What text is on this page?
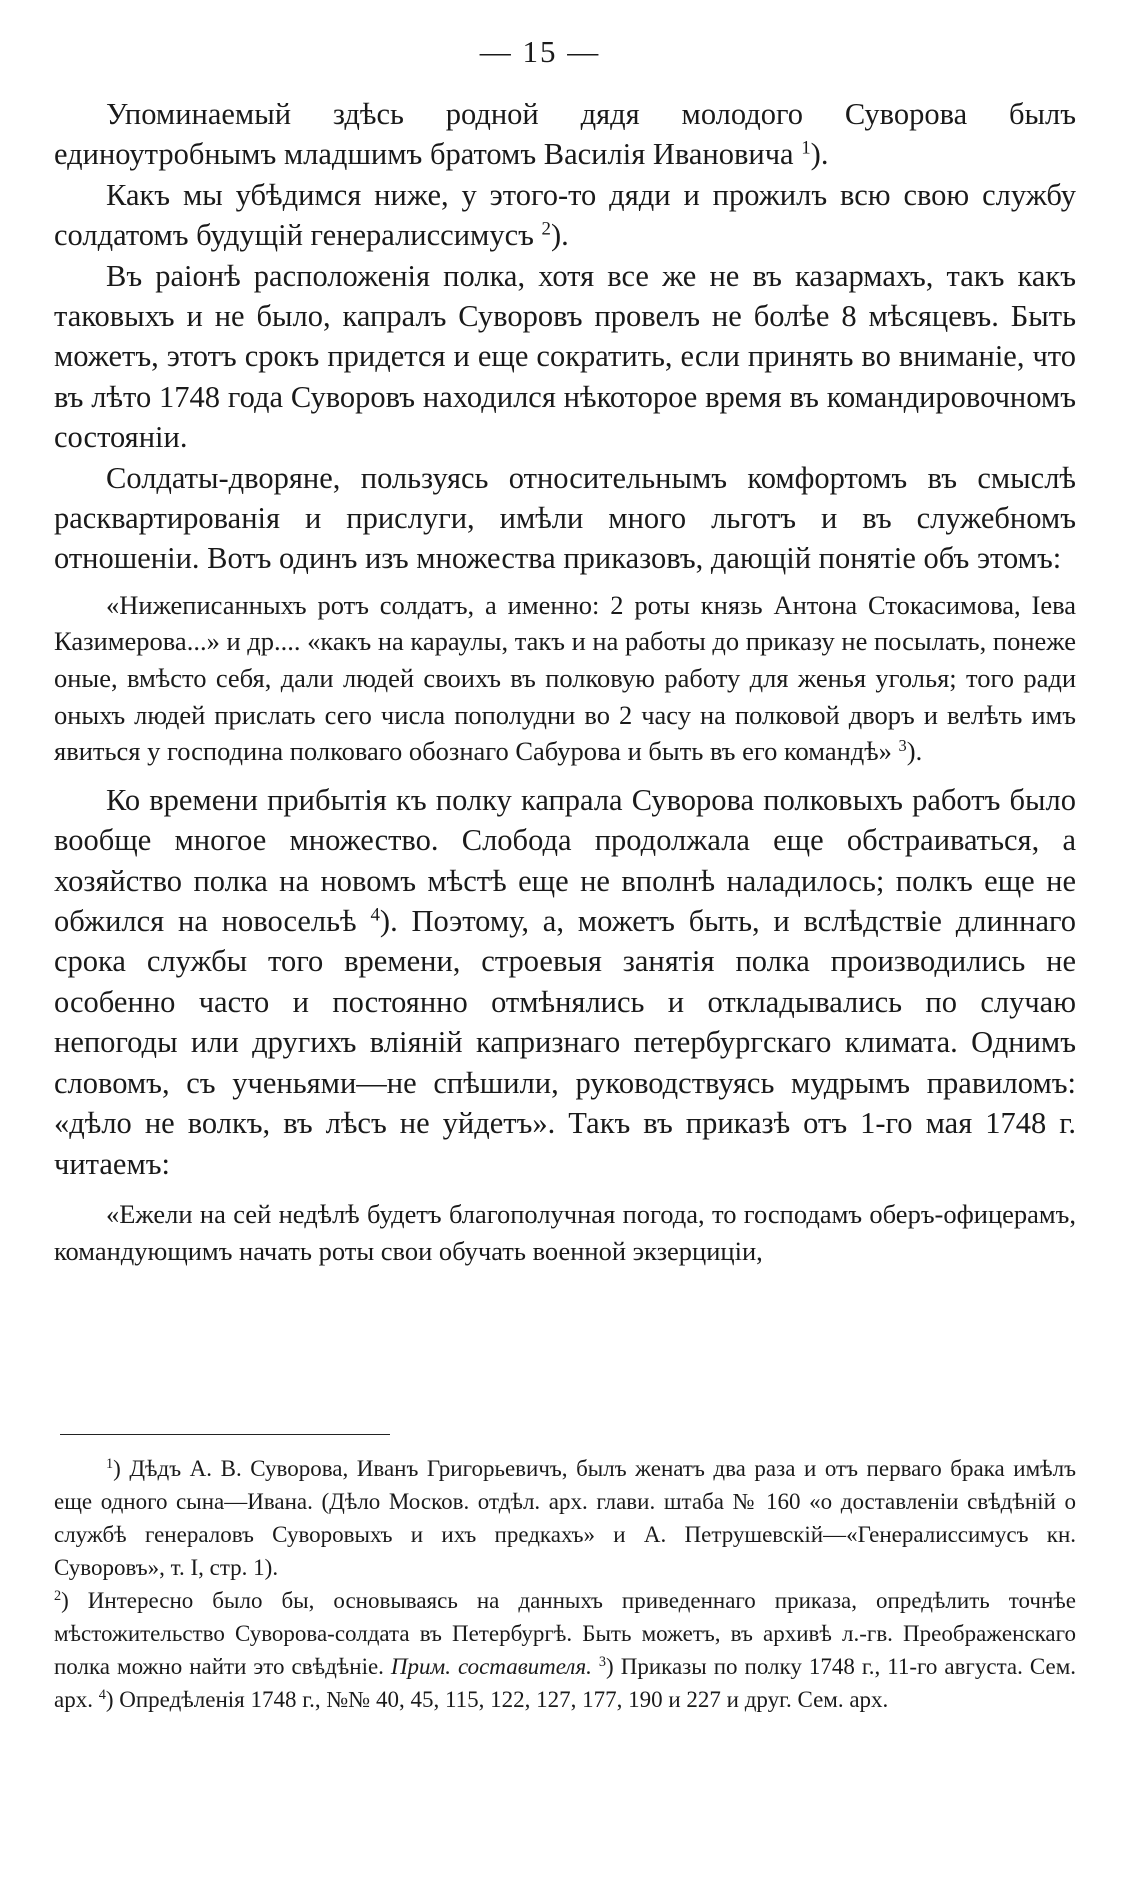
— 15 —

Упоминаемый здѣсь родной дядя молодого Суворова былъ единоутробнымъ младшимъ братомъ Василія Ивановича $^1$).

Какъ мы убѣдимся ниже, у этого-то дяди и прожилъ всю свою службу солдатомъ будущій генералиссимусъ $^2$).

Въ раіонѣ расположенія полка, хотя все же не въ казармахъ, такъ какъ таковыхъ и не было, капралъ Суворовъ провелъ не болѣе 8 мѣсяцевъ. Быть можетъ, этотъ срокъ придется и еще сократить, если принять во вниманіе, что въ лѣто 1748 года Суворовъ находился нѣкоторое время въ командировочномъ состояніи.

Солдаты-дворяне, пользуясь относительнымъ комфортомъ въ смыслѣ расквартированія и прислуги, имѣли много льготъ и въ служебномъ отношеніи. Вотъ одинъ изъ множества приказовъ, дающій понятіе объ этомъ:

«Нижеписанныхъ ротъ солдатъ, а именно: 2 роты князь Антона Стокасимова, Іева Казимерова...» и др.... «какъ на караулы, такъ и на работы до приказу не посылать, понеже оные, вмѣсто себя, дали людей своихъ въ полковую работу для женья уголья; того ради оныхъ людей прислать сего числа пополудни во 2 часу на полковой дворъ и велѣть имъ явиться у господина полковаго обознаго Сабурова и быть въ его командѣ» $^3$).

Ко времени прибытія къ полку капрала Суворова полковыхъ работъ было вообще многое множество. Слобода продолжала еще обстраиваться, а хозяйство полка на новомъ мѣстѣ еще не вполнѣ наладилось; полкъ еще не обжился на новосельѣ $^4$). Поэтому, а, можетъ быть, и вслѣдствіе длиннаго срока службы того времени, строевыя занятія полка производились не особенно часто и постоянно отмѣнялись и откладывались по случаю непогоды или другихъ вліяній капризнаго петербургскаго климата. Однимъ словомъ, съ ученьями—не спѣшили, руководствуясь мудрымъ правиломъ: «дѣло не волкъ, въ лѣсъ не уйдетъ». Такъ въ приказѣ отъ 1-го мая 1748 г. читаемъ:

«Ежели на сей недѣлѣ будетъ благополучная погода, то господамъ оберъ-офицерамъ, командующимъ начать роты свои обучать военной экзерциціи,

$^1$) Дѣдъ А. В. Суворова, Иванъ Григорьевичъ, былъ женатъ два раза и отъ перваго брака имѣлъ еще одного сына—Ивана. (Дѣло Москов. отдѣл. арх. глави. штаба № 160 «о доставленіи свѣдѣній о службѣ генераловъ Суворовыхъ и ихъ предкахъ» и А. Петрушевскій—«Генералиссимусъ кн. Суворовъ», т. I, стр. 1).

$^2$) Интересно было бы, основываясь на данныхъ приведеннаго приказа, опредѣлить точнѣе мѣстожительство Суворова-солдата въ Петербургѣ. Быть можетъ, въ архивѣ л.-гв. Преображенскаго полка можно найти это свѣдѣніе. Прим. составителя. $^3$) Приказы по полку 1748 г., 11-го августа. Сем. арх. $^4$) Опредѣленія 1748 г., №№ 40, 45, 115, 122, 127, 177, 190 и 227 и друг. Сем. арх.
